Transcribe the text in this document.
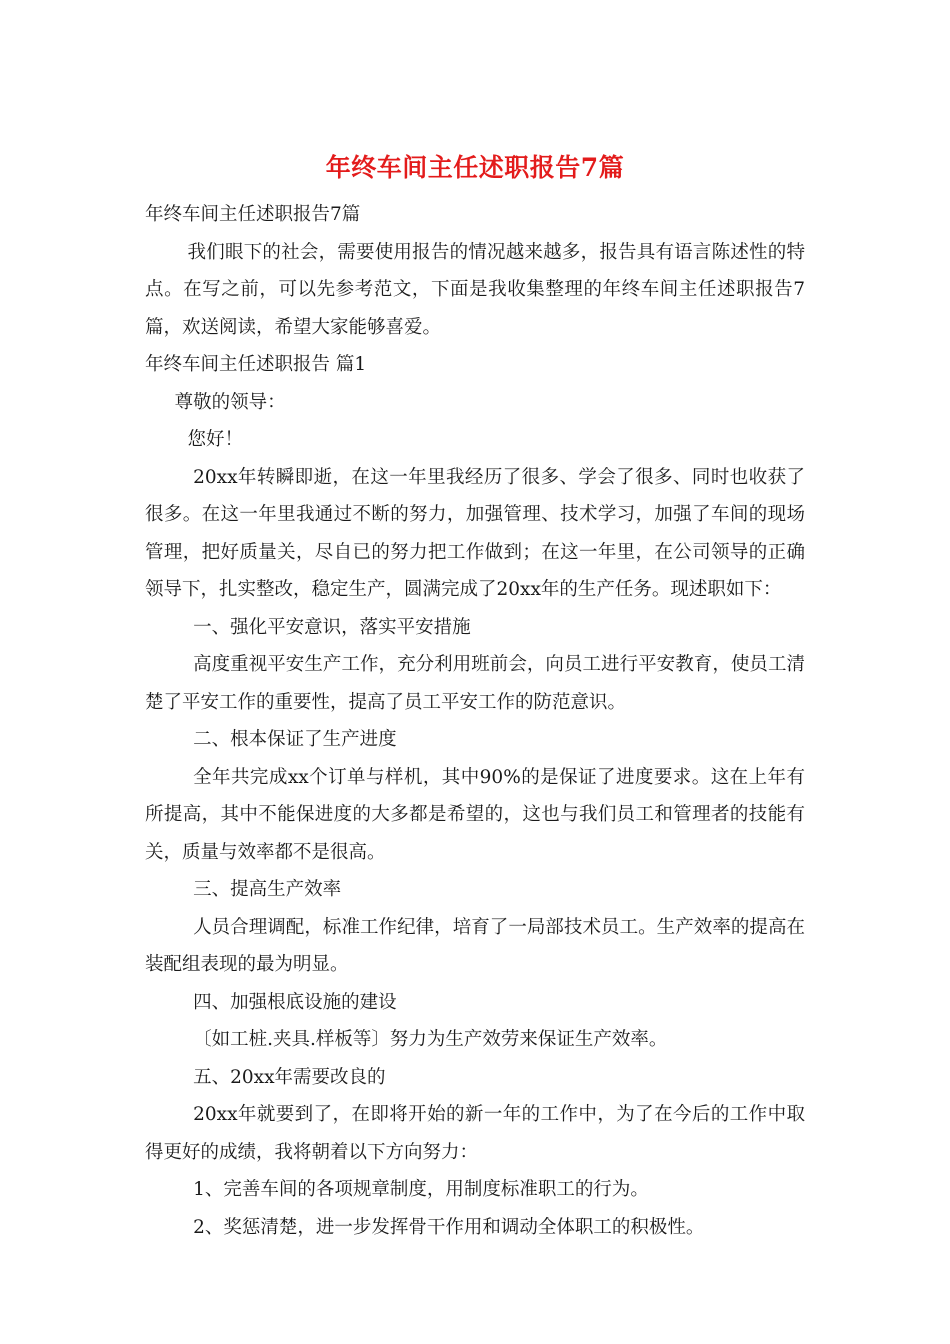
年终车间主任述职报告7篇

年终车间主任述职报告7篇

我们眼下的社会，需要使用报告的情况越来越多，报告具有语言陈述性的特点。在写之前，可以先参考范文，下面是我收集整理的年终车间主任述职报告7篇，欢送阅读，希望大家能够喜爱。

年终车间主任述职报告 篇1

尊敬的领导：

您好！

20xx年转瞬即逝，在这一年里我经历了很多、学会了很多、同时也收获了很多。在这一年里我通过不断的努力，加强管理、技术学习，加强了车间的现场管理，把好质量关，尽自已的努力把工作做到；在这一年里，在公司领导的正确领导下，扎实整改，稳定生产，圆满完成了20xx年的生产任务。现述职如下：

一、强化平安意识，落实平安措施

高度重视平安生产工作，充分利用班前会，向员工进行平安教育，使员工清楚了平安工作的重要性，提高了员工平安工作的防范意识。

二、根本保证了生产进度

全年共完成xx个订单与样机，其中90%的是保证了进度要求。这在上年有所提高，其中不能保进度的大多都是希望的，这也与我们员工和管理者的技能有关，质量与效率都不是很高。

三、提高生产效率

人员合理调配，标准工作纪律，培育了一局部技术员工。生产效率的提高在装配组表现的最为明显。

四、加强根底设施的建设

〔如工桩.夹具.样板等〕努力为生产效劳来保证生产效率。

五、20xx年需要改良的

20xx年就要到了，在即将开始的新一年的工作中，为了在今后的工作中取得更好的成绩，我将朝着以下方向努力：

1、完善车间的各项规章制度，用制度标准职工的行为。

2、奖惩清楚，进一步发挥骨干作用和调动全体职工的积极性。
